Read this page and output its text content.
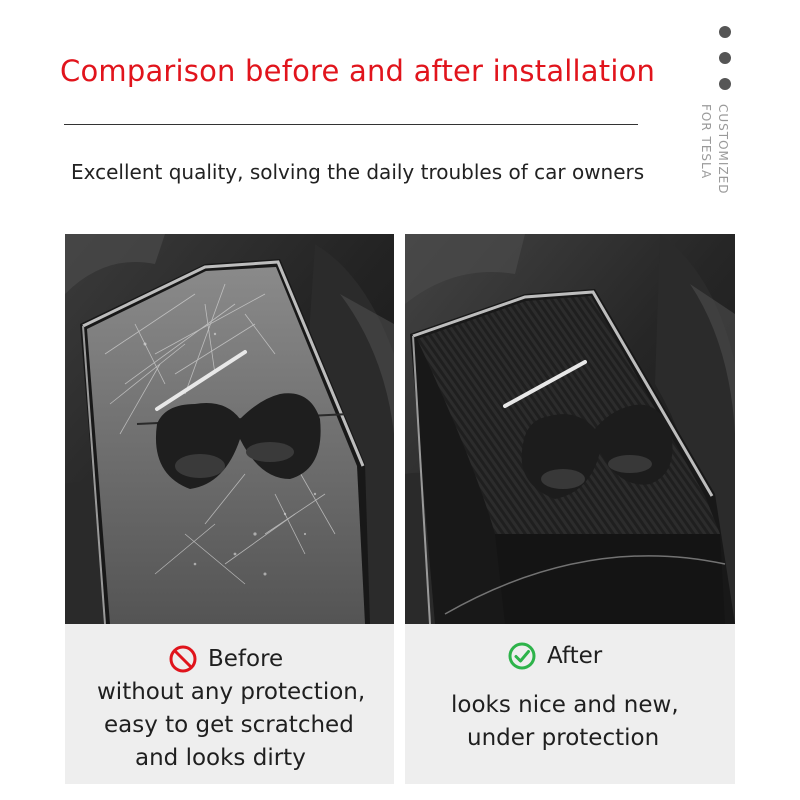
Comparison before and after installation
Excellent quality, solving the daily troubles of car owners	CUSTOMIZED
FOR TESLA
Before
without any protection,
easy to get scratched
and looks dirty
After
looks nice and new,
under protection
